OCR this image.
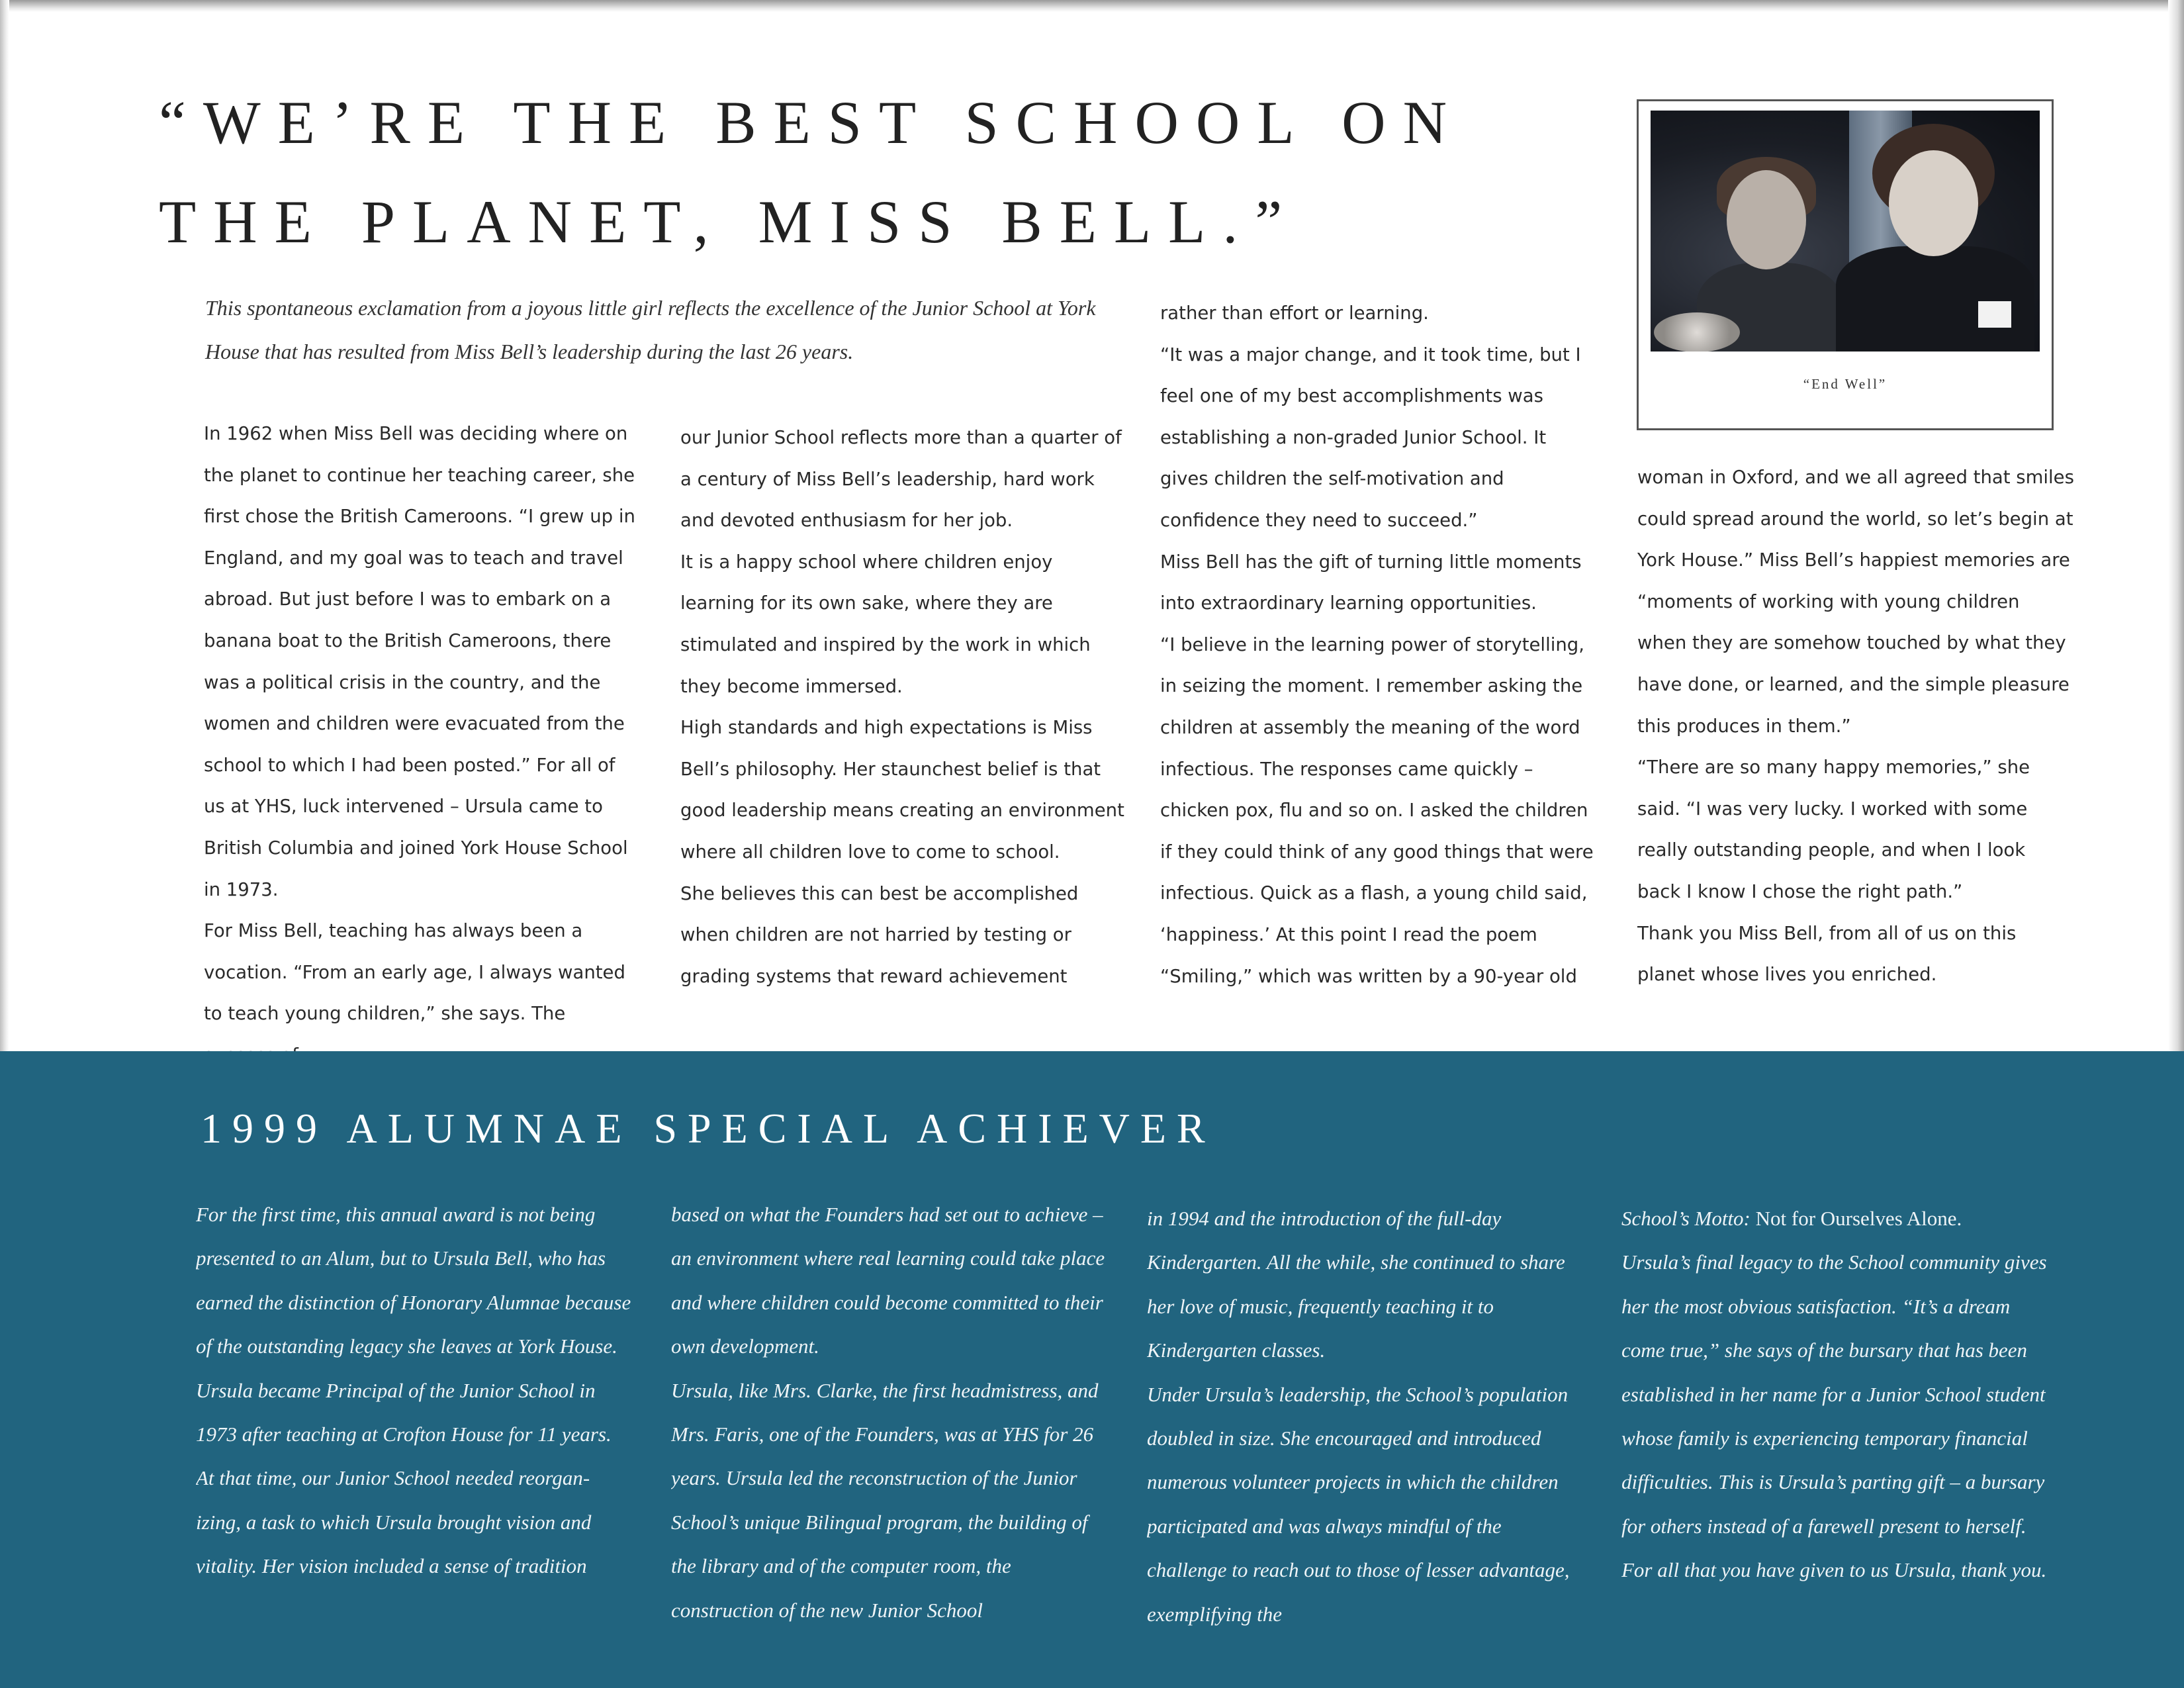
“WE’RE THE BEST SCHOOL ON
THE PLANET, MISS BELL.”

This spontaneous exclamation from a joyous little girl reflects the excellence of the Junior School at York House that has resulted from Miss Bell’s leadership during the last 26 years.

In 1962 when Miss Bell was deciding where on the planet to continue her teaching career, she first chose the British Cameroons. “I grew up in England, and my goal was to teach and travel abroad. But just before I was to embark on a banana boat to the British Cameroons, there was a political crisis in the country, and the women and children were evacuated from the school to which I had been posted.” For all of us at YHS, luck intervened – Ursula came to British Columbia and joined York House School in 1973.

For Miss Bell, teaching has always been a vocation. “From an early age, I always wanted to teach young children,” she says. The

our Junior School reflects more than a quarter of a century of Miss Bell’s leadership, hard work and devoted enthusiasm for her job.

It is a happy school where children enjoy learning for its own sake, where they are stimulated and inspired by the work in which they become immersed.

High standards and high expectations is Miss Bell’s philosophy. Her staunchest belief is that good leadership means creating an environment where all children love to come to school.

She believes this can best be accomplished when children are not harried by testing or grading systems that reward achievement

rather than effort or learning.

“It was a major change, and it took time, but I feel one of my best accomplishments was establishing a non-graded Junior School. It gives children the self-motivation and confidence they need to succeed.”

Miss Bell has the gift of turning little moments into extraordinary learning opportunities.

“I believe in the learning power of storytelling, in seizing the moment. I remember asking the children at assembly the meaning of the word infectious. The responses came quickly – chicken pox, flu and so on. I asked the children if they could think of any good things that were infectious. Quick as a flash, a young child said, ‘happiness.’ At this point I read the poem “Smiling,” which was written by a 90-year old

woman in Oxford, and we all agreed that smiles could spread around the world, so let’s begin at York House.” Miss Bell’s happiest memories are “moments of working with young children when they are somehow touched by what they have done, or learned, and the simple pleasure this produces in them.”

“There are so many happy memories,” she said. “I was very lucky. I worked with some really outstanding people, and when I look back I know I chose the right path.”

Thank you Miss Bell, from all of us on this planet whose lives you enriched.

“End Well”
1999 ALUMNAE SPECIAL ACHIEVER

For the first time, this annual award is not being presented to an Alum, but to Ursula Bell, who has earned the distinction of Honorary Alumnae because of the outstanding legacy she leaves at York House.

Ursula became Principal of the Junior School in 1973 after teaching at Crofton House for 11 years. At that time, our Junior School needed reorgan-izing, a task to which Ursula brought vision and vitality. Her vision included a sense of tradition

based on what the Founders had set out to achieve – an environment where real learning could take place and where children could become committed to their own development.

Ursula, like Mrs. Clarke, the first headmistress, and Mrs. Faris, one of the Founders, was at YHS for 26 years. Ursula led the reconstruction of the Junior School’s unique Bilingual program, the building of the library and of the computer room, the construction of the new Junior School

in 1994 and the introduction of the full-day Kindergarten. All the while, she continued to share her love of music, frequently teaching it to Kindergarten classes.

Under Ursula’s leadership, the School’s population doubled in size. She encouraged and introduced numerous volunteer projects in which the children participated and was always mindful of the challenge to reach out to those of lesser advantage, exemplifying the

School’s Motto: Not for Ourselves Alone.

Ursula’s final legacy to the School community gives her the most obvious satisfaction. “It’s a dream come true,” she says of the bursary that has been established in her name for a Junior School student whose family is experiencing temporary financial difficulties. This is Ursula’s parting gift – a bursary for others instead of a farewell present to herself. For all that you have given to us Ursula, thank you.
